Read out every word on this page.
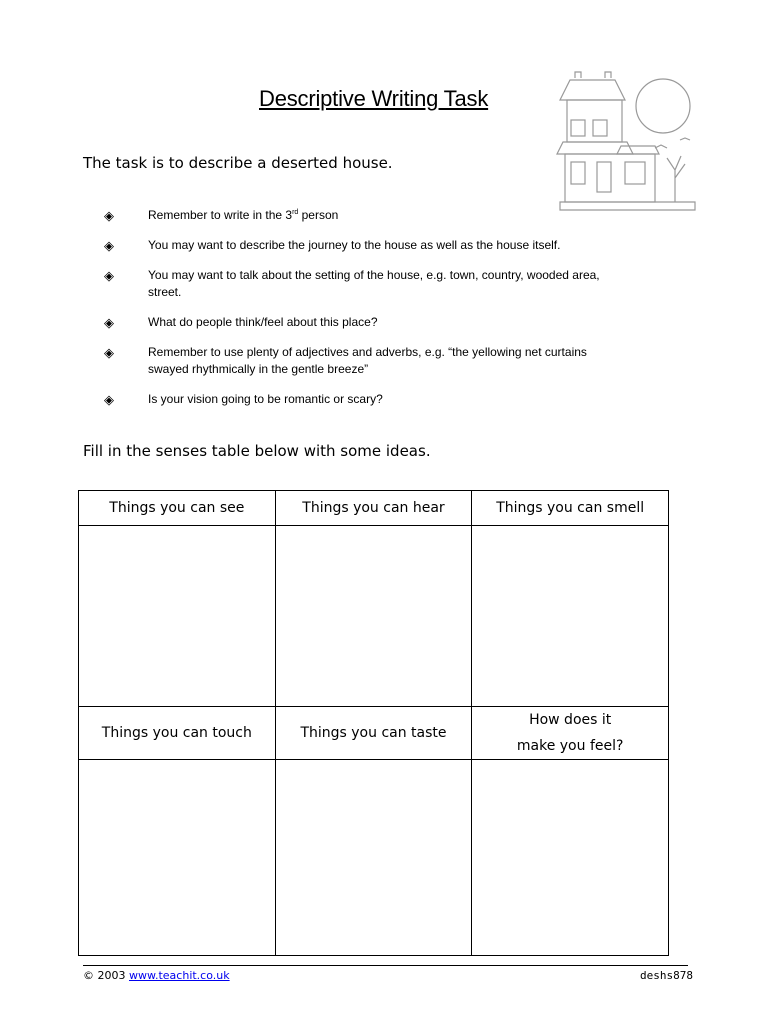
Descriptive Writing Task
The task is to describe a deserted house.
◈	Remember to write in the 3rd person
◈	You may want to describe the journey to the house as well as the house itself.
◈	You may want to talk about the setting of the house, e.g. town, country, wooded area, street.
◈	What do people think/feel about this place?
◈	Remember to use plenty of adjectives and adverbs, e.g. “the yellowing net curtains swayed rhythmically in the gentle breeze”
◈	Is your vision going to be romantic or scary?
Fill in the senses table below with some ideas.
Things you can see	Things you can hear	Things you can smell

Things you can touch	Things you can taste	How does it
make you feel?

© 2003 www.teachit.co.uk	deshs878
